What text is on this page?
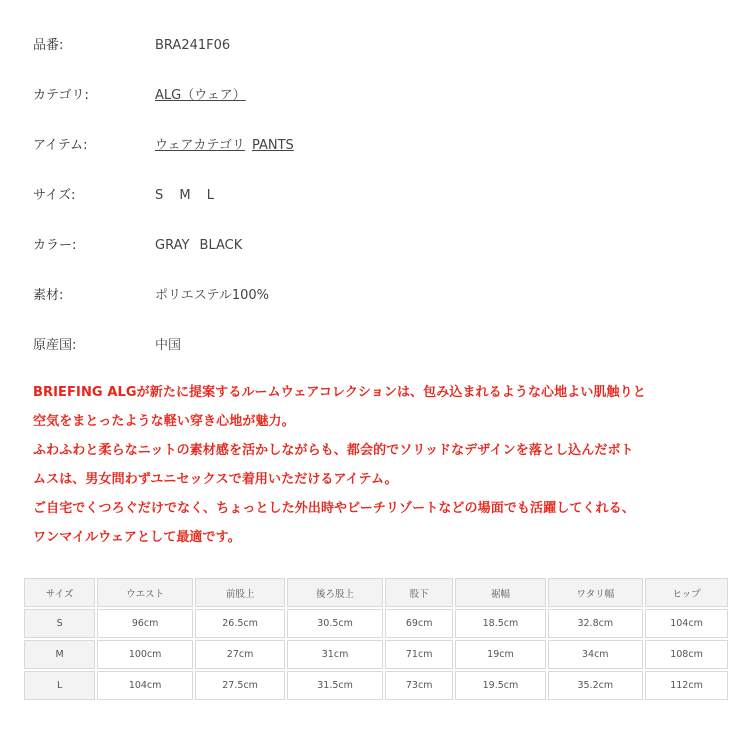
品番:	BRA241F06
カテゴリ:	ALG（ウェア）
アイテム:	ウェアカテゴリ PANTS
サイズ:	S M L
カラー:	GRAY BLACK
素材:	ポリエステル100%
原産国:	中国

BRIEFING ALGが新たに提案するルームウェアコレクションは、包み込まれるような心地よい肌触りと

空気をまとったような軽い穿き心地が魅力。

ふわふわと柔らなニットの素材感を活かしながらも、都会的でソリッドなデザインを落とし込んだボト

ムスは、男女問わずユニセックスで着用いただけるアイテム。

ご自宅でくつろぐだけでなく、ちょっとした外出時やビーチリゾートなどの場面でも活躍してくれる、

ワンマイルウェアとして最適です。

サイズ	ウエスト	前股上	後ろ股上	股下	裾幅	ワタリ幅	ヒップ
S	96cm	26.5cm	30.5cm	69cm	18.5cm	32.8cm	104cm
M	100cm	27cm	31cm	71cm	19cm	34cm	108cm
L	104cm	27.5cm	31.5cm	73cm	19.5cm	35.2cm	112cm
